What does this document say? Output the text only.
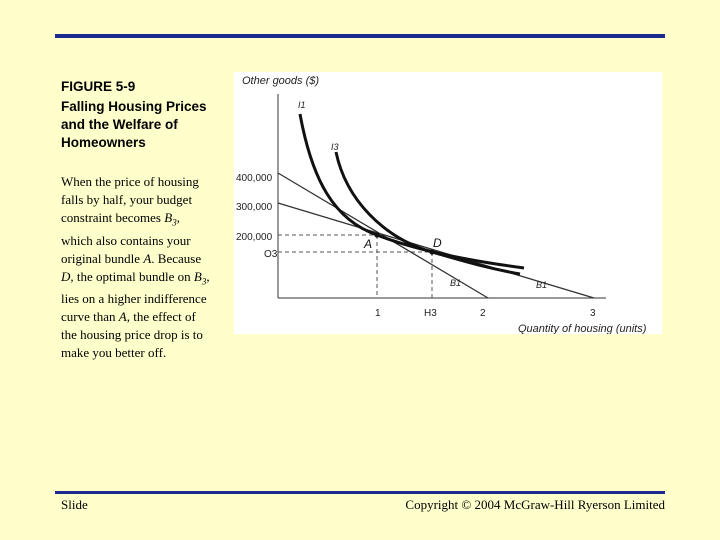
FIGURE 5-9
Falling Housing Prices and the Welfare of Homeowners
When the price of housing falls by half, your budget constraint becomes $B_3$, which also contains your original bundle A. Because D, the optimal bundle on $B_3$, lies on a higher indifference curve than A, the effect of the housing price drop is to make you better off.
Other goods ($)
Quantity of housing (units)
400,000
300,000
200,000
O3
1	H3	2	3
I1
I3
B1	B1
A	D
Slide	Copyright © 2004 McGraw-Hill Ryerson Limited
